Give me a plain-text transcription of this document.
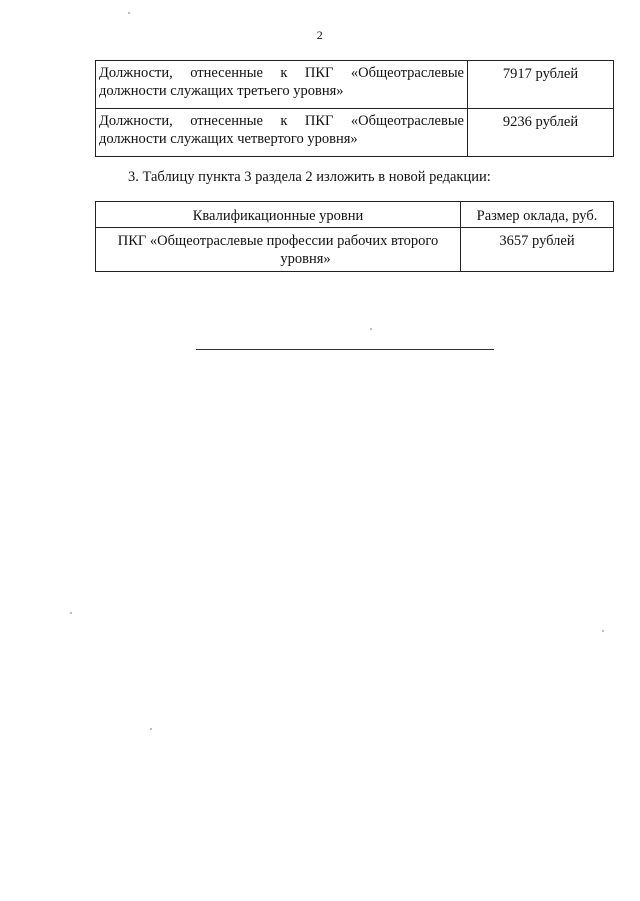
2
Должности, отнесенные к ПКГ «Общеотраслевые должности служащих третьего уровня»	7917 рублей
Должности, отнесенные к ПКГ «Общеотраслевые должности служащих четвертого уровня»	9236 рублей
3. Таблицу пункта 3 раздела 2 изложить в новой редакции:
Квалификационные уровни	Размер оклада, руб.

ПКГ «Общеотраслевые профессии рабочих второго
уровня»	3657 рублей
